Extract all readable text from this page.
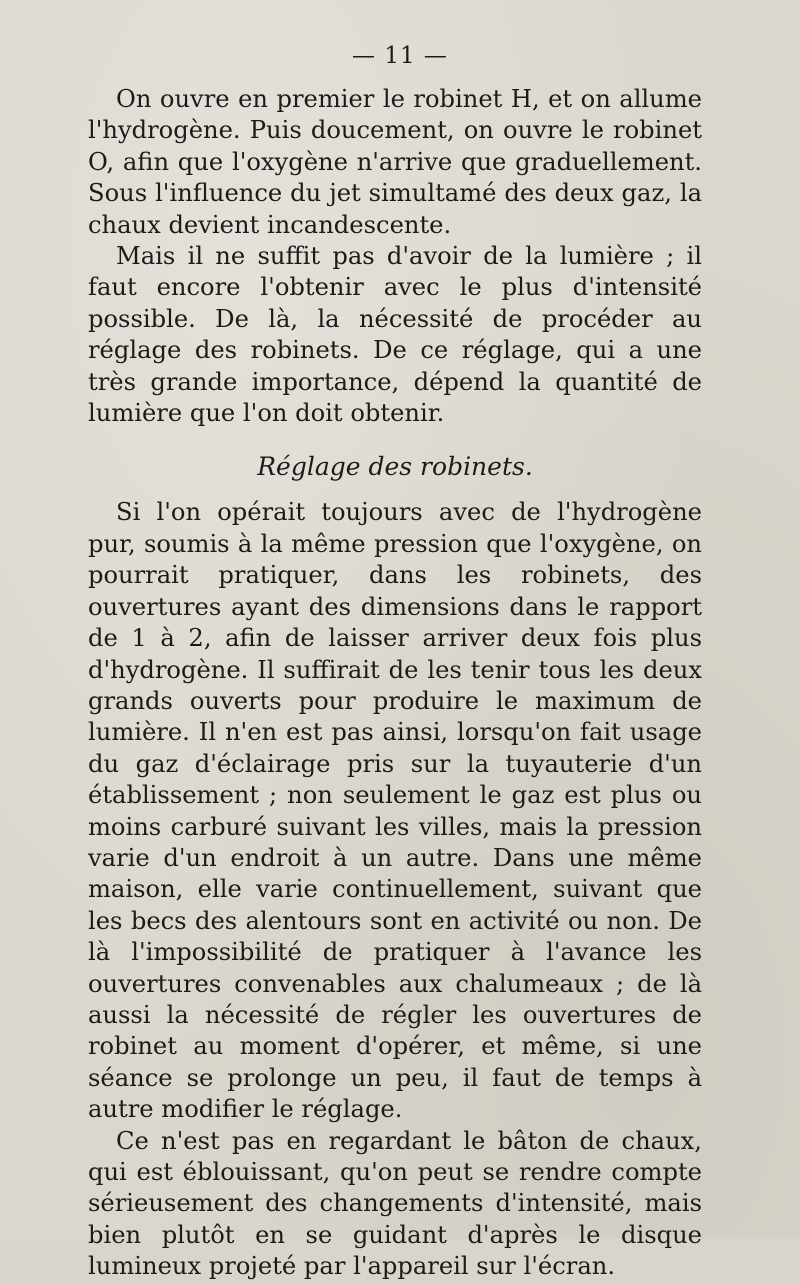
— 11 —

On ouvre en premier le robinet H, et on allume l'hydrogène. Puis doucement, on ouvre le robinet O, afin que l'oxygène n'arrive que graduellement. Sous l'influence du jet simultamé des deux gaz, la chaux devient incandescente.

Mais il ne suffit pas d'avoir de la lumière ; il faut encore l'obtenir avec le plus d'intensité possible. De là, la nécessité de procéder au réglage des robinets. De ce réglage, qui a une très grande importance, dépend la quantité de lumière que l'on doit obtenir.

Réglage des robinets.

Si l'on opérait toujours avec de l'hydrogène pur, soumis à la même pression que l'oxygène, on pourrait pratiquer, dans les robinets, des ouvertures ayant des dimensions dans le rapport de 1 à 2, afin de laisser arriver deux fois plus d'hydrogène. Il suffirait de les tenir tous les deux grands ouverts pour produire le maximum de lumière. Il n'en est pas ainsi, lorsqu'on fait usage du gaz d'éclairage pris sur la tuyauterie d'un établissement ; non seulement le gaz est plus ou moins carburé suivant les villes, mais la pression varie d'un endroit à un autre. Dans une même maison, elle varie continuellement, suivant que les becs des alentours sont en activité ou non. De là l'impossibilité de pratiquer à l'avance les ouvertures convenables aux chalumeaux ; de là aussi la nécessité de régler les ouvertures de robinet au moment d'opérer, et même, si une séance se prolonge un peu, il faut de temps à autre modifier le réglage.

Ce n'est pas en regardant le bâton de chaux, qui est éblouissant, qu'on peut se rendre compte sérieusement des changements d'intensité, mais bien plutôt en se guidant d'après le disque lumineux projeté par l'appareil sur l'écran.
